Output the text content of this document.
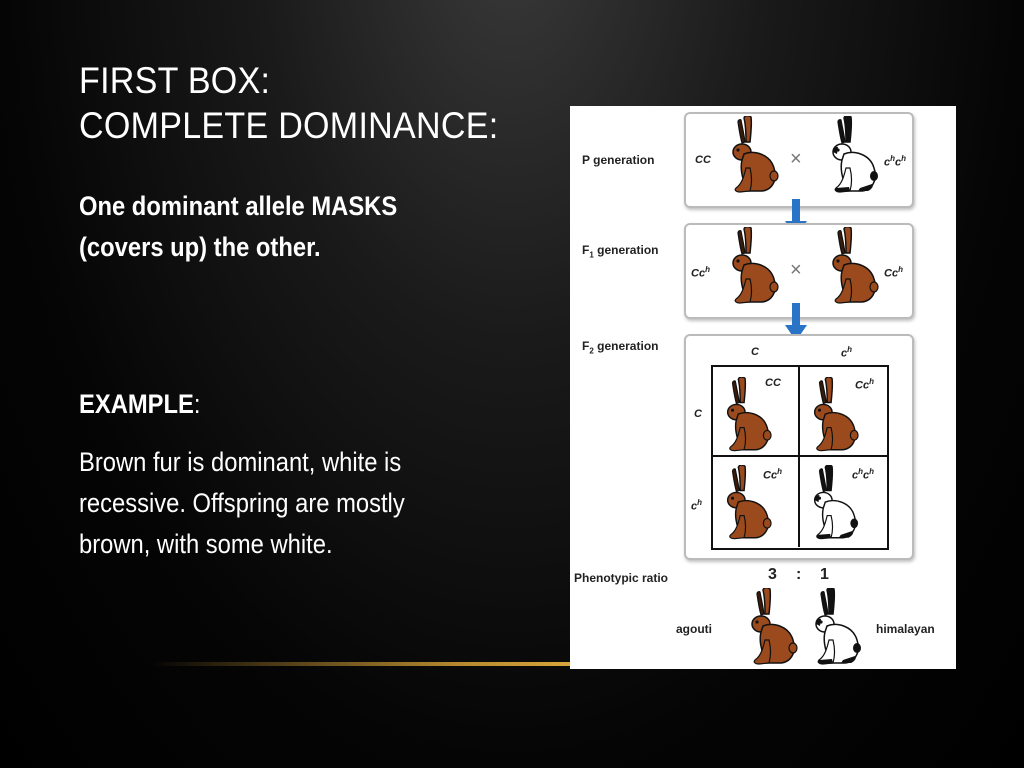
FIRST BOX:
COMPLETE DOMINANCE:

One dominant allele MASKS (covers up) the other.

EXAMPLE:

Brown fur is dominant, white is recessive. Offspring are mostly brown, with some white.

P generation	CC	×	$c^hc^h$
$F_1$ generation
$Cc^h$	×	$Cc^h$
$F_2$ generation	C	$c^h$
C
$c^h$
CC	Cc$^h$
Cc$^h$	$c^hc^h$
Phenotypic ratio	3 : 1
agouti	himalayan
